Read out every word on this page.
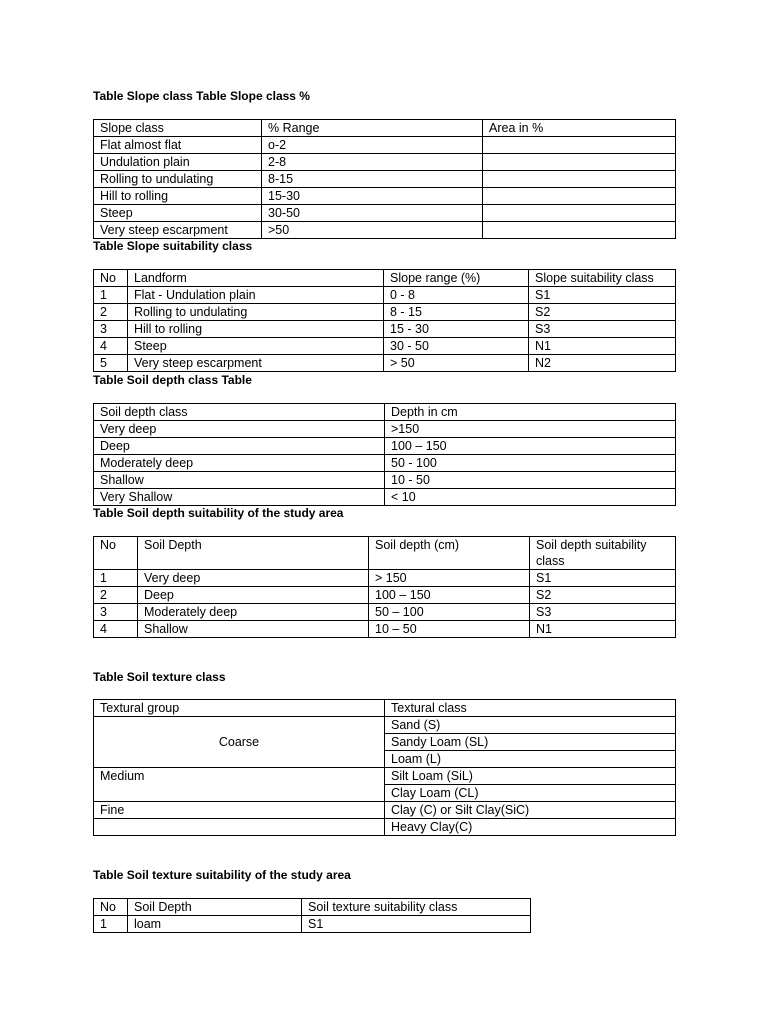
Table Slope class Table Slope class %
Slope class	% Range	Area in %
Flat almost flat	o-2	
Undulation plain	2-8	
Rolling to undulating	8-15	
Hill to rolling	15-30	
Steep	30-50	
Very steep escarpment	>50	
Table Slope suitability class
No	Landform	Slope range (%)	Slope suitability class
1	Flat - Undulation plain	0 - 8	S1
2	Rolling to undulating	8 - 15	S2
3	Hill to rolling	15 - 30	S3
4	Steep	30 - 50	N1
5	Very steep escarpment	> 50	N2
Table Soil depth class Table
Soil depth class	Depth in cm
Very deep	>150
Deep	100 – 150
Moderately deep	50 - 100
Shallow	10 - 50
Very Shallow	< 10
Table Soil depth suitability of the study area
No	Soil Depth	Soil depth (cm)	Soil depth suitability class
1	Very deep	> 150	S1
2	Deep	100 – 150	S2
3	Moderately deep	50 – 100	S3
4	Shallow	10 – 50	N1
Table Soil texture class
Textural group	Textural class
Coarse	Sand (S)
	Sandy Loam (SL)
	Loam (L)
Medium	Silt Loam (SiL)
	Clay Loam (CL)
Fine	Clay (C) or Silt Clay(SiC)
	Heavy Clay(C)
Table Soil texture suitability of the study area
No	Soil Depth	Soil texture suitability class
1	loam	S1
